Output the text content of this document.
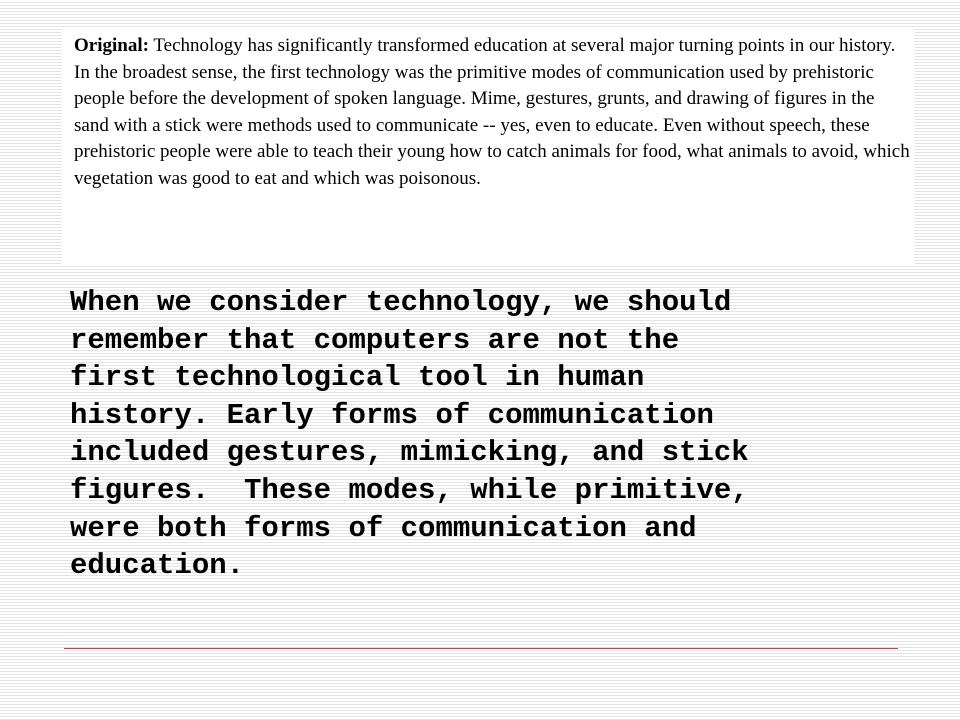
Original: Technology has significantly transformed education at several major turning points in our history. In the broadest sense, the first technology was the primitive modes of communication used by prehistoric people before the development of spoken language. Mime, gestures, grunts, and drawing of figures in the sand with a stick were methods used to communicate -- yes, even to educate. Even without speech, these prehistoric people were able to teach their young how to catch animals for food, what animals to avoid, which vegetation was good to eat and which was poisonous.

When we consider technology, we should
remember that computers are not the
first technological tool in human
history. Early forms of communication
included gestures, mimicking, and stick
figures.  These modes, while primitive,
were both forms of communication and
education.
